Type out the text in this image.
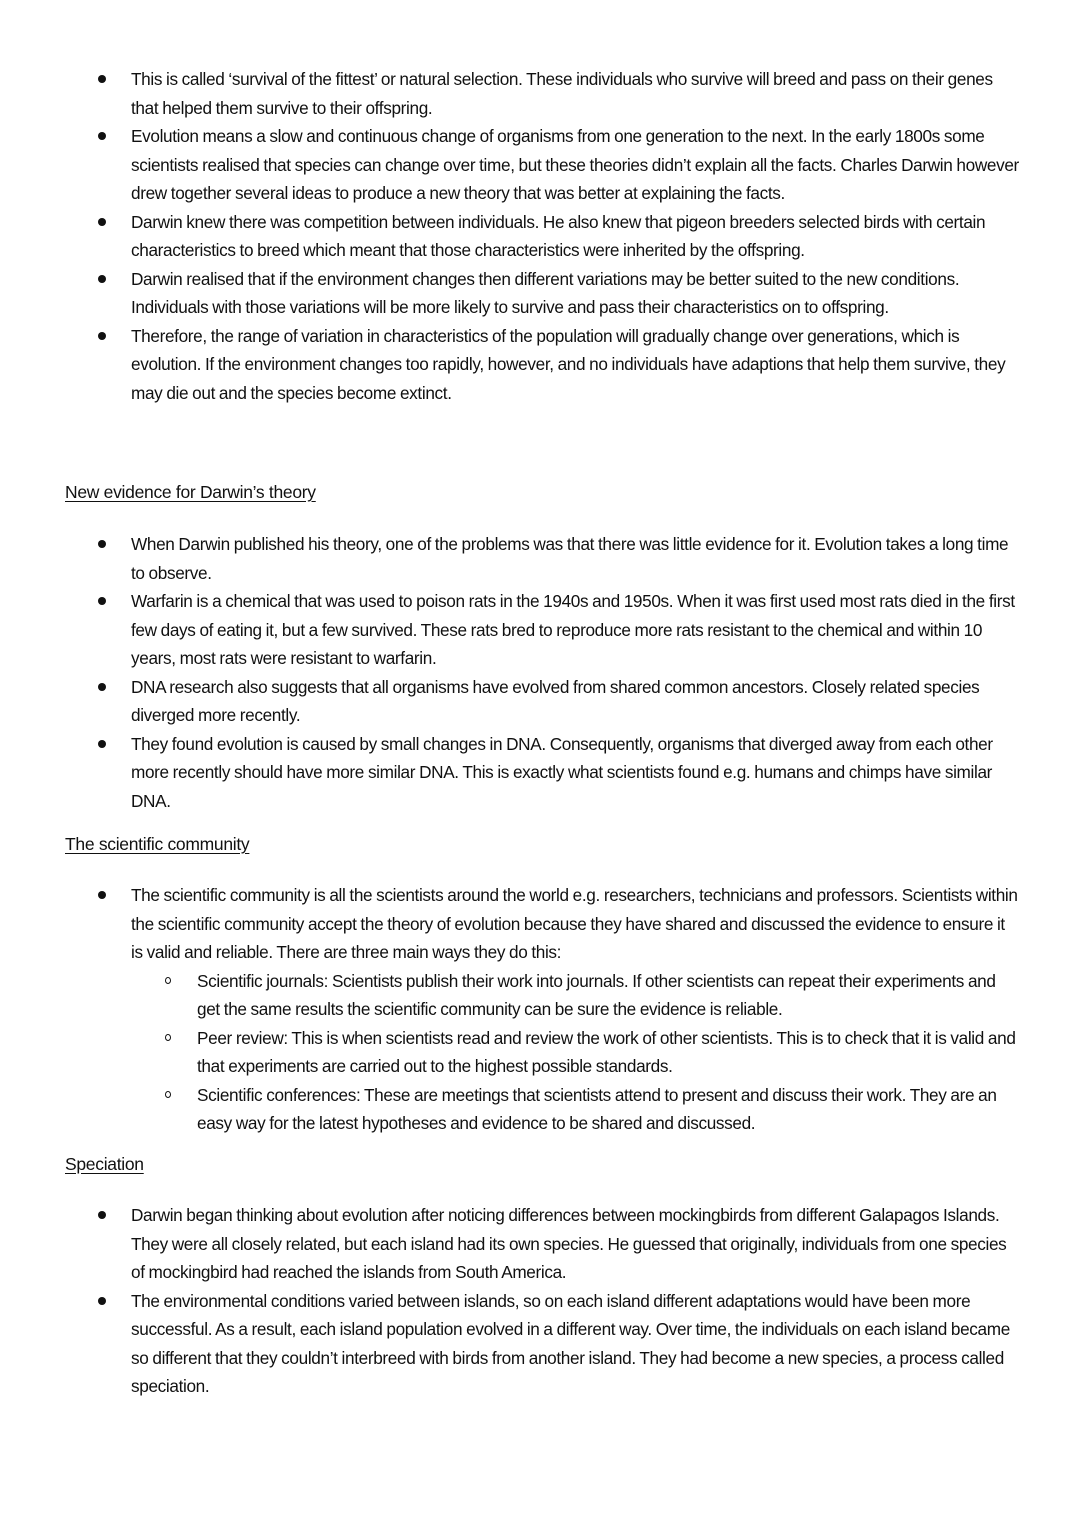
This is called ‘survival of the fittest’ or natural selection. These individuals who survive will breed and pass on their genes that helped them survive to their offspring.
Evolution means a slow and continuous change of organisms from one generation to the next. In the early 1800s some scientists realised that species can change over time, but these theories didn’t explain all the facts. Charles Darwin however drew together several ideas to produce a new theory that was better at explaining the facts.
Darwin knew there was competition between individuals. He also knew that pigeon breeders selected birds with certain characteristics to breed which meant that those characteristics were inherited by the offspring.
Darwin realised that if the environment changes then different variations may be better suited to the new conditions. Individuals with those variations will be more likely to survive and pass their characteristics on to offspring.
Therefore, the range of variation in characteristics of the population will gradually change over generations, which is evolution. If the environment changes too rapidly, however, and no individuals have adaptions that help them survive, they may die out and the species become extinct.
New evidence for Darwin’s theory
When Darwin published his theory, one of the problems was that there was little evidence for it. Evolution takes a long time to observe.
Warfarin is a chemical that was used to poison rats in the 1940s and 1950s. When it was first used most rats died in the first few days of eating it, but a few survived. These rats bred to reproduce more rats resistant to the chemical and within 10 years, most rats were resistant to warfarin.
DNA research also suggests that all organisms have evolved from shared common ancestors. Closely related species diverged more recently.
They found evolution is caused by small changes in DNA. Consequently, organisms that diverged away from each other more recently should have more similar DNA. This is exactly what scientists found e.g. humans and chimps have similar DNA.
The scientific community
The scientific community is all the scientists around the world e.g. researchers, technicians and professors. Scientists within the scientific community accept the theory of evolution because they have shared and discussed the evidence to ensure it is valid and reliable. There are three main ways they do this:
Scientific journals: Scientists publish their work into journals. If other scientists can repeat their experiments and get the same results the scientific community can be sure the evidence is reliable.
Peer review: This is when scientists read and review the work of other scientists. This is to check that it is valid and that experiments are carried out to the highest possible standards.
Scientific conferences: These are meetings that scientists attend to present and discuss their work. They are an easy way for the latest hypotheses and evidence to be shared and discussed.
Speciation
Darwin began thinking about evolution after noticing differences between mockingbirds from different Galapagos Islands. They were all closely related, but each island had its own species. He guessed that originally, individuals from one species of mockingbird had reached the islands from South America.
The environmental conditions varied between islands, so on each island different adaptations would have been more successful. As a result, each island population evolved in a different way. Over time, the individuals on each island became so different that they couldn’t interbreed with birds from another island. They had become a new species, a process called speciation.
